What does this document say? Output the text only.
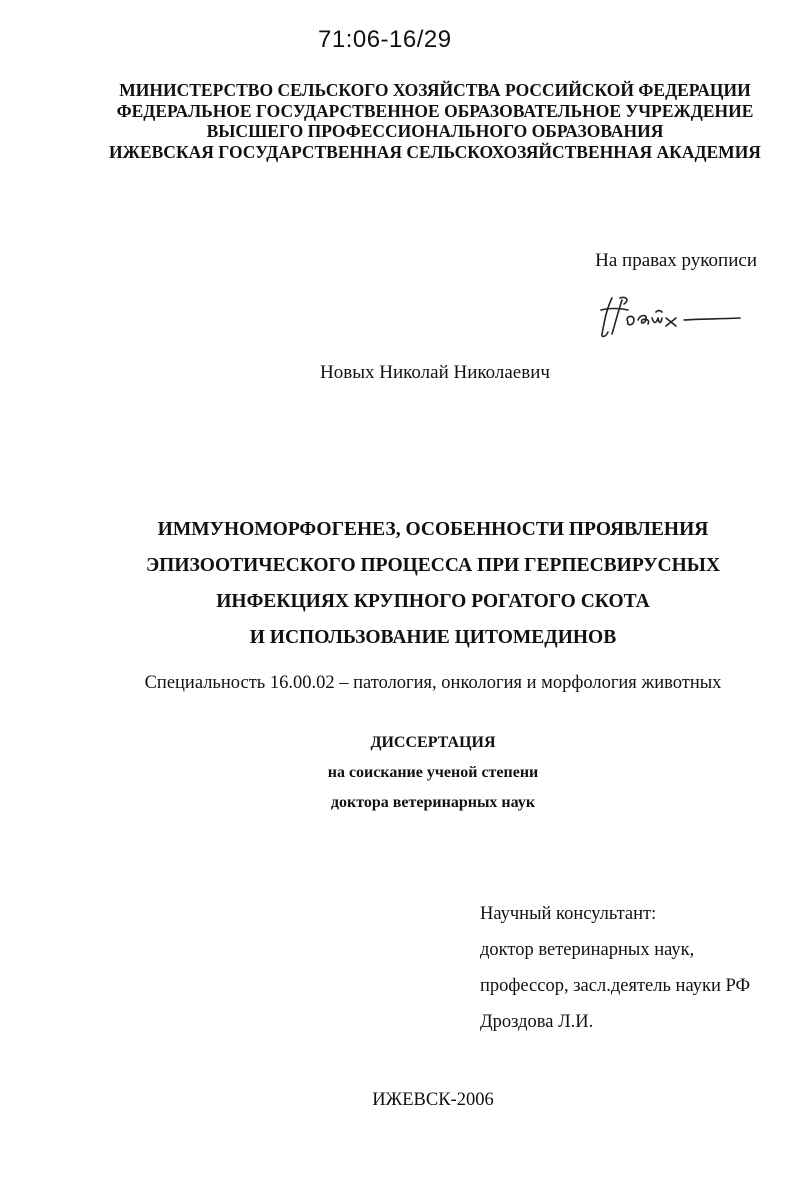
71:06-16/29
МИНИСТЕРСТВО СЕЛЬСКОГО ХОЗЯЙСТВА РОССИЙСКОЙ ФЕДЕРАЦИИ
ФЕДЕРАЛЬНОЕ ГОСУДАРСТВЕННОЕ ОБРАЗОВАТЕЛЬНОЕ УЧРЕЖДЕНИЕ
ВЫСШЕГО ПРОФЕССИОНАЛЬНОГО ОБРАЗОВАНИЯ
ИЖЕВСКАЯ ГОСУДАРСТВЕННАЯ СЕЛЬСКОХОЗЯЙСТВЕННАЯ АКАДЕМИЯ
На правах рукописи
Новых Николай Николаевич
ИММУНОМОРФОГЕНЕЗ, ОСОБЕННОСТИ ПРОЯВЛЕНИЯ
ЭПИЗООТИЧЕСКОГО ПРОЦЕССА ПРИ ГЕРПЕСВИРУСНЫХ
ИНФЕКЦИЯХ КРУПНОГО РОГАТОГО СКОТА
И ИСПОЛЬЗОВАНИЕ ЦИТОМЕДИНОВ
Специальность 16.00.02 – патология, онкология и морфология животных
ДИССЕРТАЦИЯ
на соискание ученой степени
доктора ветеринарных наук
Научный консультант:
доктор ветеринарных наук,
профессор, засл.деятель науки РФ
Дроздова Л.И.
ИЖЕВСК-2006
